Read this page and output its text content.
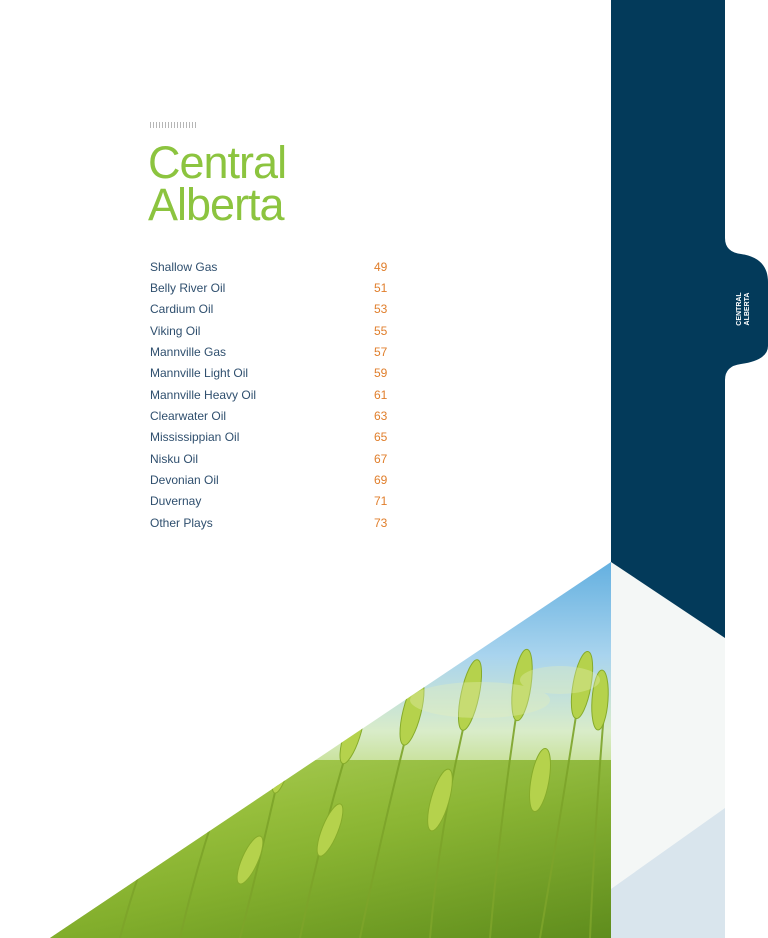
Central
Alberta
Shallow Gas	49
Belly River Oil	51
Cardium Oil	53
Viking Oil	55
Mannville Gas	57
Mannville Light Oil	59
Mannville Heavy Oil	61
Clearwater Oil	63
Mississippian Oil	65
Nisku Oil	67
Devonian Oil	69
Duvernay	71
Other Plays	73
CENTRAL ALBERTA
